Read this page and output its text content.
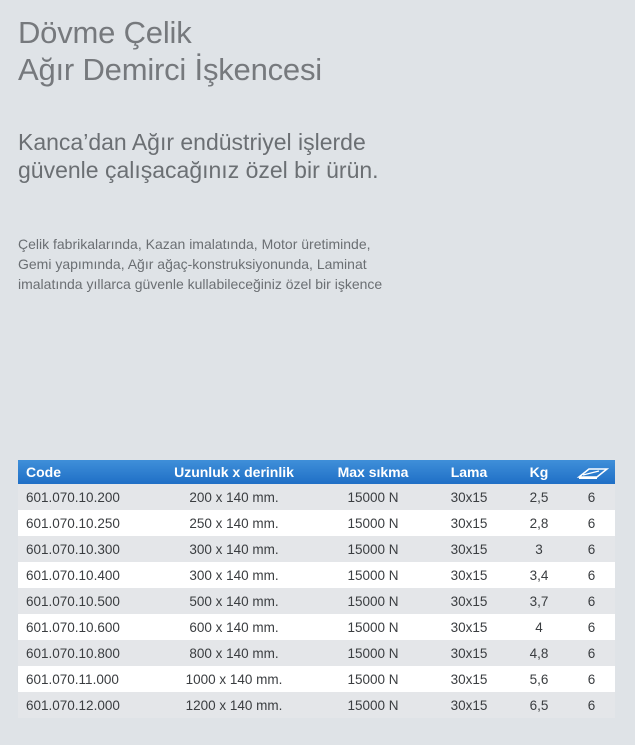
Dövme Çelik
Ağır Demirci İşkencesi
Kanca’dan Ağır endüstriyel işlerde
güvenle çalışacağınız özel bir ürün.
Çelik fabrikalarında, Kazan imalatında, Motor üretiminde,
Gemi yapımında, Ağır ağaç-konstruksiyonunda, Laminat
imalatında yıllarca güvenle kullabileceğiniz özel bir işkence
Code	Uzunluk x derinlik	Max sıkma	Lama	Kg
601.070.10.200	200 x 140 mm.	15000 N	30x15	2,5	6
601.070.10.250	250 x 140 mm.	15000 N	30x15	2,8	6
601.070.10.300	300 x 140 mm.	15000 N	30x15	3	6
601.070.10.400	300 x 140 mm.	15000 N	30x15	3,4	6
601.070.10.500	500 x 140 mm.	15000 N	30x15	3,7	6
601.070.10.600	600 x 140 mm.	15000 N	30x15	4	6
601.070.10.800	800 x 140 mm.	15000 N	30x15	4,8	6
601.070.11.000	1000 x 140 mm.	15000 N	30x15	5,6	6
601.070.12.000	1200 x 140 mm.	15000 N	30x15	6,5	6
